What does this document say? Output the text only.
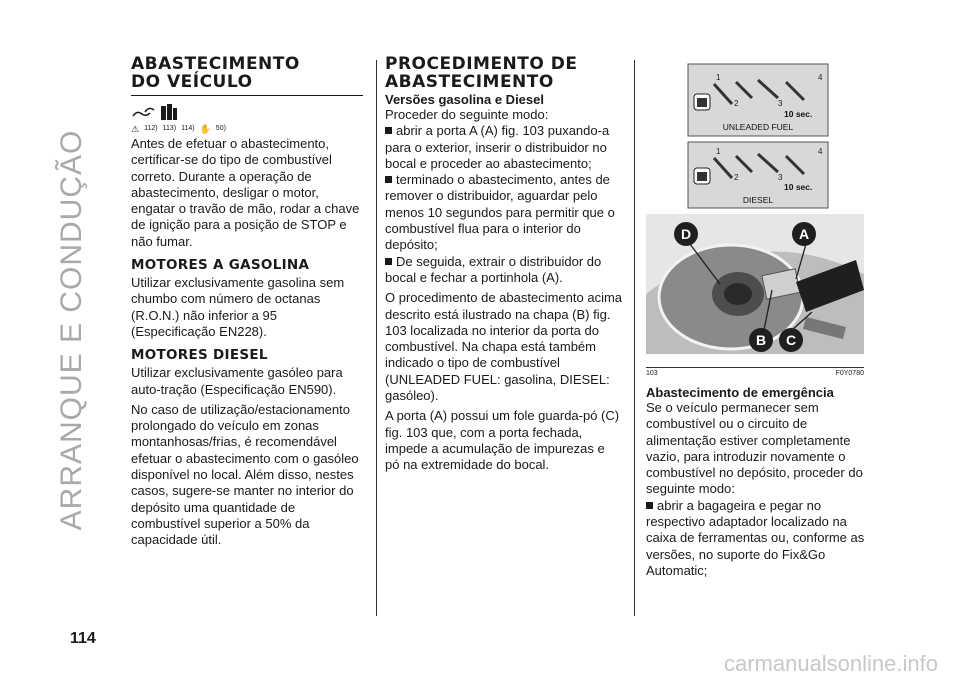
ARRANQUE E CONDUÇÃO
ABASTECIMENTO
DO VEÍCULO
⚠ 112) 113) 114) ✋ 50)

Antes de efetuar o abastecimento, certificar-se do tipo de combustível correto. Durante a operação de abastecimento, desligar o motor, engatar o travão de mão, rodar a chave de ignição para a posição de STOP e não fumar.

MOTORES A GASOLINA

Utilizar exclusivamente gasolina sem chumbo com número de octanas (R.O.N.) não inferior a 95 (Especificação EN228).

MOTORES DIESEL

Utilizar exclusivamente gasóleo para auto-tração (Especificação EN590).

No caso de utilização/estacionamento prolongado do veículo em zonas montanhosas/frias, é recomendável efetuar o abastecimento com o gasóleo disponível no local. Além disso, nestes casos, sugere-se manter no interior do depósito uma quantidade de combustível superior a 50% da capacidade útil.

PROCEDIMENTO DE
ABASTECIMENTO
Versões gasolina e Diesel

Proceder do seguinte modo:

abrir a porta A (A) fig. 103 puxando-a para o exterior, inserir o distribuidor no bocal e proceder ao abastecimento;

terminado o abastecimento, antes de remover o distribuidor, aguardar pelo menos 10 segundos para permitir que o combustível flua para o interior do depósito;

De seguida, extrair o distribuidor do bocal e fechar a portinhola (A).

O procedimento de abastecimento acima descrito está ilustrado na chapa (B) fig. 103 localizada no interior da porta do combustível. Na chapa está também indicado o tipo de combustível (UNLEADED FUEL: gasolina, DIESEL: gasóleo).

A porta (A) possui um fole guarda-pó (C) fig. 103 que, com a porta fechada, impede a acumulação de impurezas e pó na extremidade do bocal.

1
2	3
4
10 sec.
UNLEADED FUEL
1
2	3
4
10 sec.
DIESEL
D	A
B C
103	F0Y0780
Abastecimento de emergência

Se o veículo permanecer sem combustível ou o circuito de alimentação estiver completamente vazio, para introduzir novamente o combustível no depósito, proceder do seguinte modo:

abrir a bagageira e pegar no respectivo adaptador localizado na caixa de ferramentas ou, conforme as versões, no suporte do Fix&Go Automatic;

114
carmanualsonline.info
